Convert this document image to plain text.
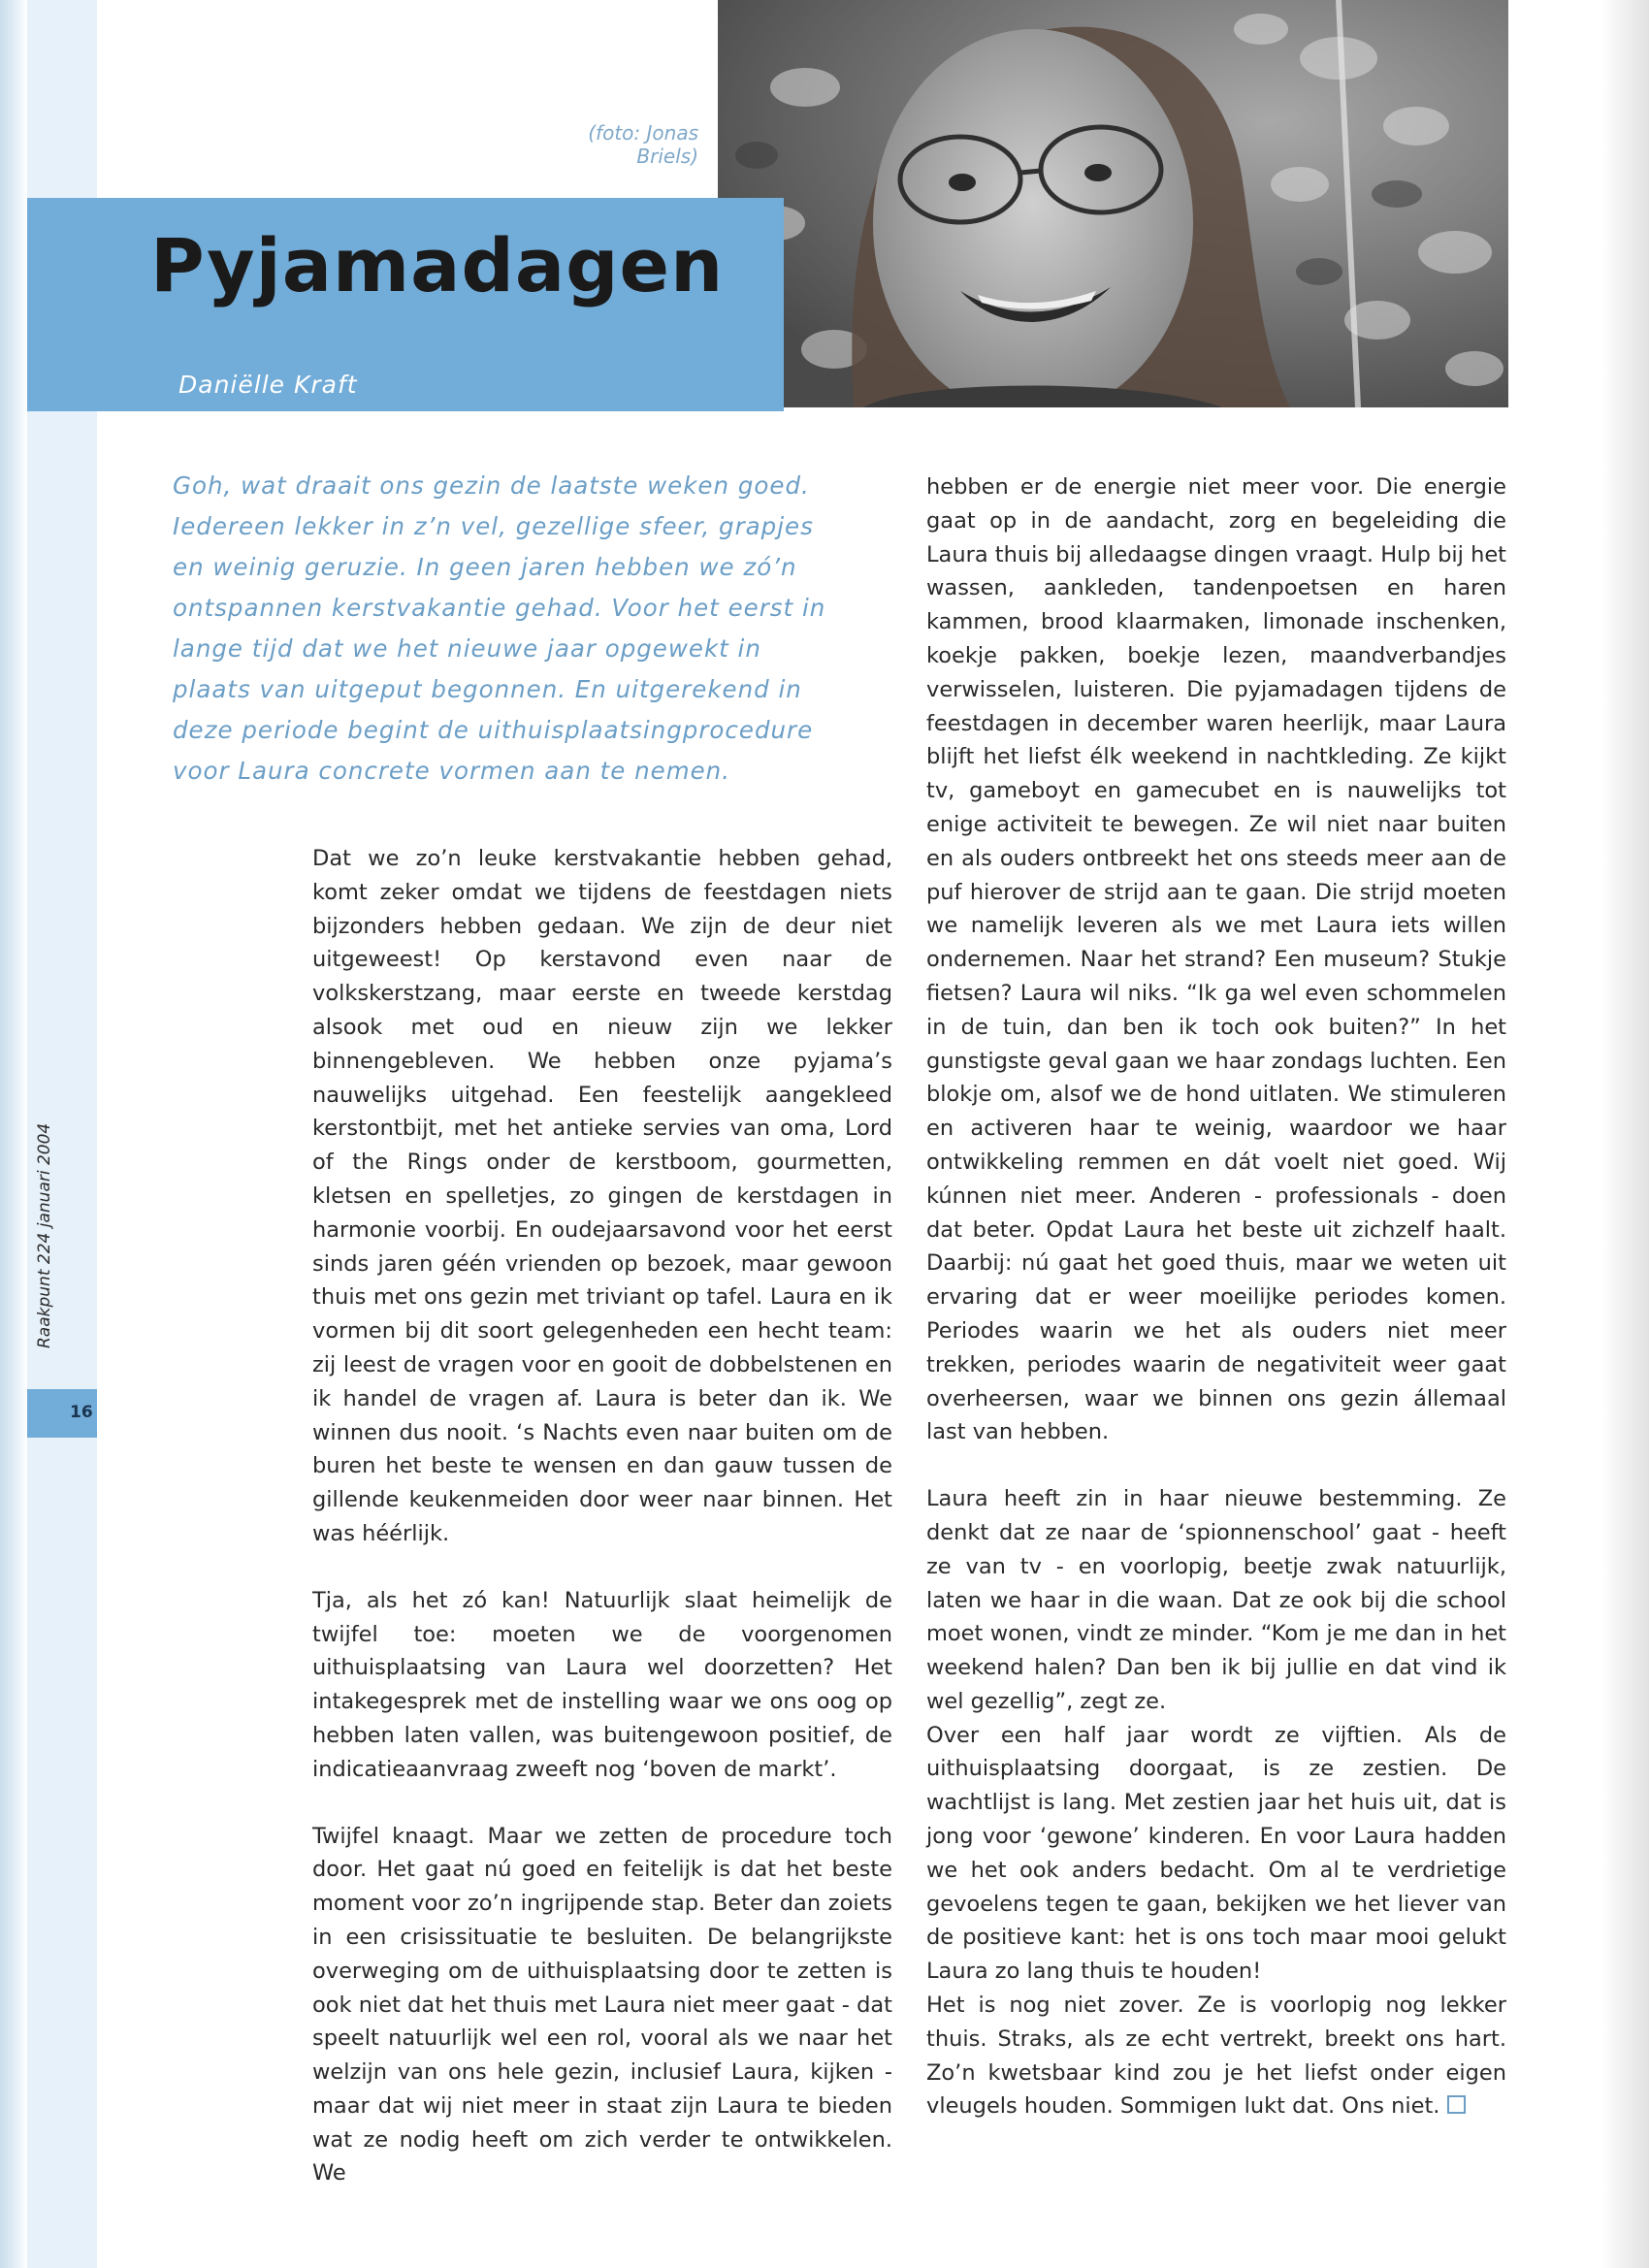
(foto: Jonas Briels)
Pyjamadagen
Daniëlle Kraft
Goh, wat draait ons gezin de laatste weken goed. Iedereen lekker in z’n vel, gezellige sfeer, grapjes en weinig geruzie. In geen jaren hebben we zó’n ontspannen kerstvakantie gehad. Voor het eerst in lange tijd dat we het nieuwe jaar opgewekt in plaats van uitgeput begonnen. En uitgerekend in deze periode begint de uithuisplaatsingprocedure voor Laura concrete vormen aan te nemen.

Dat we zo’n leuke kerstvakantie hebben gehad, komt zeker omdat we tijdens de feestdagen niets bijzonders hebben gedaan. We zijn de deur niet uitgeweest! Op kerstavond even naar de volkskerstzang, maar eerste en tweede kerstdag alsook met oud en nieuw zijn we lekker binnengebleven. We hebben onze pyjama’s nauwelijks uitgehad. Een feestelijk aangekleed kerstontbijt, met het antieke servies van oma, Lord of the Rings onder de kerstboom, gourmetten, kletsen en spelletjes, zo gingen de kerstdagen in harmonie voorbij. En oudejaarsavond voor het eerst sinds jaren géén vrienden op bezoek, maar gewoon thuis met ons gezin met triviant op tafel. Laura en ik vormen bij dit soort gelegenheden een hecht team: zij leest de vragen voor en gooit de dobbelstenen en ik handel de vragen af. Laura is beter dan ik. We winnen dus nooit. ‘s Nachts even naar buiten om de buren het beste te wensen en dan gauw tussen de gillende keukenmeiden door weer naar binnen. Het was héérlijk.

Tja, als het zó kan! Natuurlijk slaat heimelijk de twijfel toe: moeten we de voorgenomen uithuisplaatsing van Laura wel doorzetten? Het intakegesprek met de instelling waar we ons oog op hebben laten vallen, was buitengewoon positief, de indicatieaanvraag zweeft nog ‘boven de markt’.

Twijfel knaagt. Maar we zetten de procedure toch door. Het gaat nú goed en feitelijk is dat het beste moment voor zo’n ingrijpende stap. Beter dan zoiets in een crisissituatie te besluiten. De belangrijkste overweging om de uithuisplaatsing door te zetten is ook niet dat het thuis met Laura niet meer gaat - dat speelt natuurlijk wel een rol, vooral als we naar het welzijn van ons hele gezin, inclusief Laura, kijken - maar dat wij niet meer in staat zijn Laura te bieden wat ze nodig heeft om zich verder te ontwikkelen. We

hebben er de energie niet meer voor. Die energie gaat op in de aandacht, zorg en begeleiding die Laura thuis bij alledaagse dingen vraagt. Hulp bij het wassen, aankleden, tandenpoetsen en haren kammen, brood klaarmaken, limonade inschenken, koekje pakken, boekje lezen, maandverbandjes verwisselen, luisteren. Die pyjamadagen tijdens de feestdagen in december waren heerlijk, maar Laura blijft het liefst élk weekend in nachtkleding. Ze kijkt tv, gameboyt en gamecubet en is nauwelijks tot enige activiteit te bewegen. Ze wil niet naar buiten en als ouders ontbreekt het ons steeds meer aan de puf hierover de strijd aan te gaan. Die strijd moeten we namelijk leveren als we met Laura iets willen ondernemen. Naar het strand? Een museum? Stukje fietsen? Laura wil niks. “Ik ga wel even schommelen in de tuin, dan ben ik toch ook buiten?” In het gunstigste geval gaan we haar zondags luchten. Een blokje om, alsof we de hond uitlaten. We stimuleren en activeren haar te weinig, waardoor we haar ontwikkeling remmen en dát voelt niet goed. Wij kúnnen niet meer. Anderen - professionals - doen dat beter. Opdat Laura het beste uit zichzelf haalt. Daarbij: nú gaat het goed thuis, maar we weten uit ervaring dat er weer moeilijke periodes komen. Periodes waarin we het als ouders niet meer trekken, periodes waarin de negativiteit weer gaat overheersen, waar we binnen ons gezin állemaal last van hebben.

Laura heeft zin in haar nieuwe bestemming. Ze denkt dat ze naar de ‘spionnenschool’ gaat - heeft ze van tv - en voorlopig, beetje zwak natuurlijk, laten we haar in die waan. Dat ze ook bij die school moet wonen, vindt ze minder. “Kom je me dan in het weekend halen? Dan ben ik bij jullie en dat vind ik wel gezellig”, zegt ze.

Over een half jaar wordt ze vijftien. Als de uithuisplaatsing doorgaat, is ze zestien. De wachtlijst is lang. Met zestien jaar het huis uit, dat is jong voor ‘gewone’ kinderen. En voor Laura hadden we het ook anders bedacht. Om al te verdrietige gevoelens tegen te gaan, bekijken we het liever van de positieve kant: het is ons toch maar mooi gelukt Laura zo lang thuis te houden!

Het is nog niet zover. Ze is voorlopig nog lekker thuis. Straks, als ze echt vertrekt, breekt ons hart. Zo’n kwetsbaar kind zou je het liefst onder eigen vleugels houden. Sommigen lukt dat. Ons niet.

Raakpunt 224 januari 2004
16
